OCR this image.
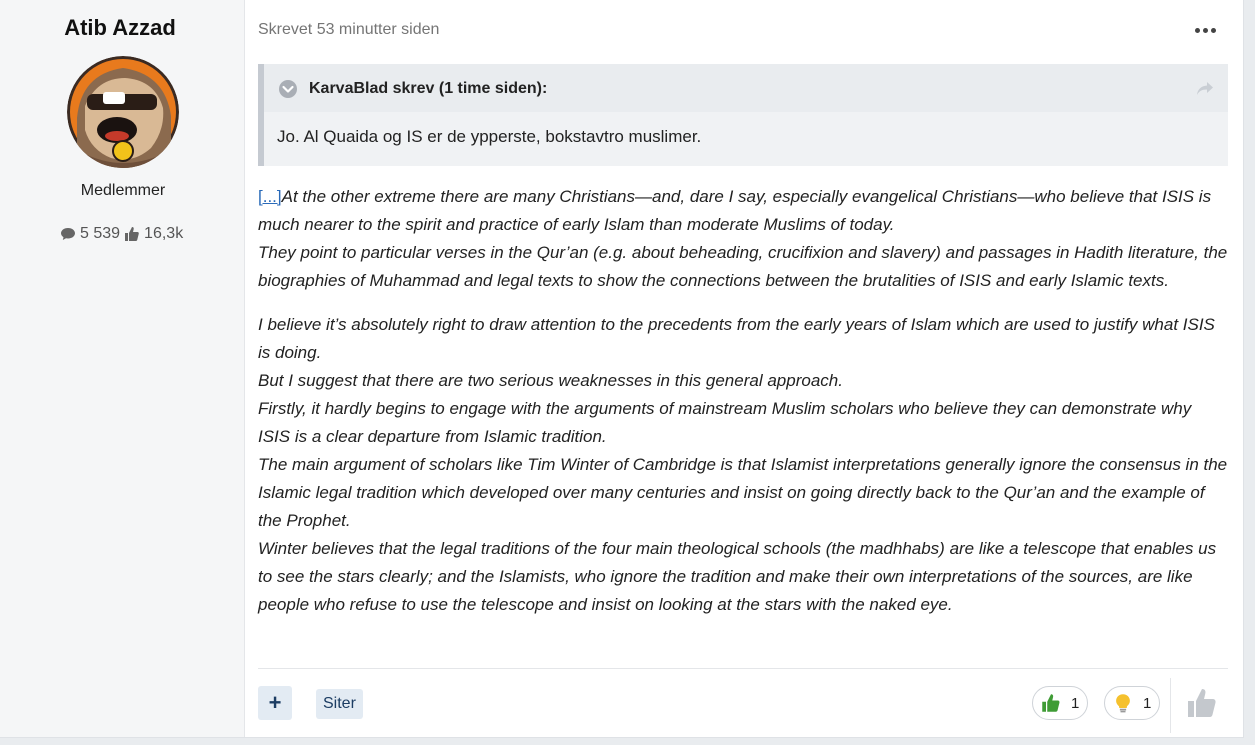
Atib Azzad
Medlemmer
5 539 16,3k
Skrevet 53 minutter siden
KarvaBlad skrev (1 time siden):
Jo. Al Quaida og IS er de ypperste, bokstavtro muslimer.

[...]At the other extreme there are many Christians—and, dare I say, especially evangelical Christians—who believe that ISIS is much nearer to the spirit and practice of early Islam than moderate Muslims of today.
They point to particular verses in the Qur’an (e.g. about beheading, crucifixion and slavery) and passages in Hadith literature, the biographies of Muhammad and legal texts to show the connections between the brutalities of ISIS and early Islamic texts.

I believe it’s absolutely right to draw attention to the precedents from the early years of Islam which are used to justify what ISIS is doing.
But I suggest that there are two serious weaknesses in this general approach.
Firstly, it hardly begins to engage with the arguments of mainstream Muslim scholars who believe they can demonstrate why ISIS is a clear departure from Islamic tradition.
The main argument of scholars like Tim Winter of Cambridge is that Islamist interpretations generally ignore the consensus in the Islamic legal tradition which developed over many centuries and insist on going directly back to the Qur’an and the example of the Prophet.
Winter believes that the legal traditions of the four main theological schools (the madhhabs) are like a telescope that enables us to see the stars clearly; and the Islamists, who ignore the tradition and make their own interpretations of the sources, are like people who refuse to use the telescope and insist on looking at the stars with the naked eye.

+	Siter	1	1
